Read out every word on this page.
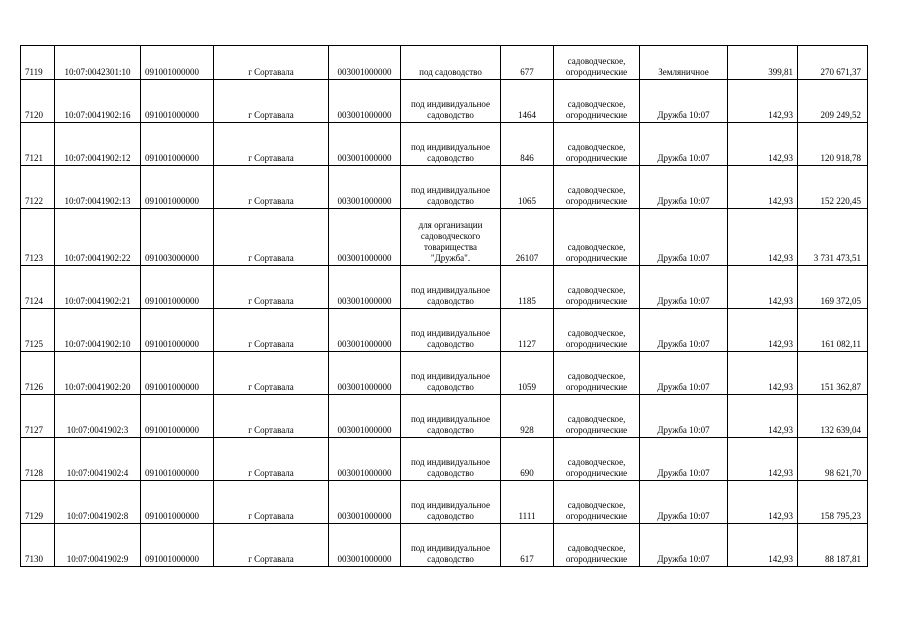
7119	10:07:0042301:10	091001000000	г Сортавала	003001000000	под садоводство	677	садоводческое,
огороднические	Земляничное	399,81	270 671,37
7120	10:07:0041902:16	091001000000	г Сортавала	003001000000	под индивидуальное
садоводство	1464	садоводческое,
огороднические	Дружба 10:07	142,93	209 249,52
7121	10:07:0041902:12	091001000000	г Сортавала	003001000000	под индивидуальное
садоводство	846	садоводческое,
огороднические	Дружба 10:07	142,93	120 918,78
7122	10:07:0041902:13	091001000000	г Сортавала	003001000000	под индивидуальное
садоводство	1065	садоводческое,
огороднические	Дружба 10:07	142,93	152 220,45
7123	10:07:0041902:22	091003000000	г Сортавала	003001000000	для организации
садоводческого
товарищества
"Дружба".	26107	садоводческое,
огороднические	Дружба 10:07	142,93	3 731 473,51
7124	10:07:0041902:21	091001000000	г Сортавала	003001000000	под индивидуальное
садоводство	1185	садоводческое,
огороднические	Дружба 10:07	142,93	169 372,05
7125	10:07:0041902:10	091001000000	г Сортавала	003001000000	под индивидуальное
садоводство	1127	садоводческое,
огороднические	Дружба 10:07	142,93	161 082,11
7126	10:07:0041902:20	091001000000	г Сортавала	003001000000	под индивидуальное
садоводство	1059	садоводческое,
огороднические	Дружба 10:07	142,93	151 362,87
7127	10:07:0041902:3	091001000000	г Сортавала	003001000000	под индивидуальное
садоводство	928	садоводческое,
огороднические	Дружба 10:07	142,93	132 639,04
7128	10:07:0041902:4	091001000000	г Сортавала	003001000000	под индивидуальное
садоводство	690	садоводческое,
огороднические	Дружба 10:07	142,93	98 621,70
7129	10:07:0041902:8	091001000000	г Сортавала	003001000000	под индивидуальное
садоводство	1111	садоводческое,
огороднические	Дружба 10:07	142,93	158 795,23
7130	10:07:0041902:9	091001000000	г Сортавала	003001000000	под индивидуальное
садоводство	617	садоводческое,
огороднические	Дружба 10:07	142,93	88 187,81
